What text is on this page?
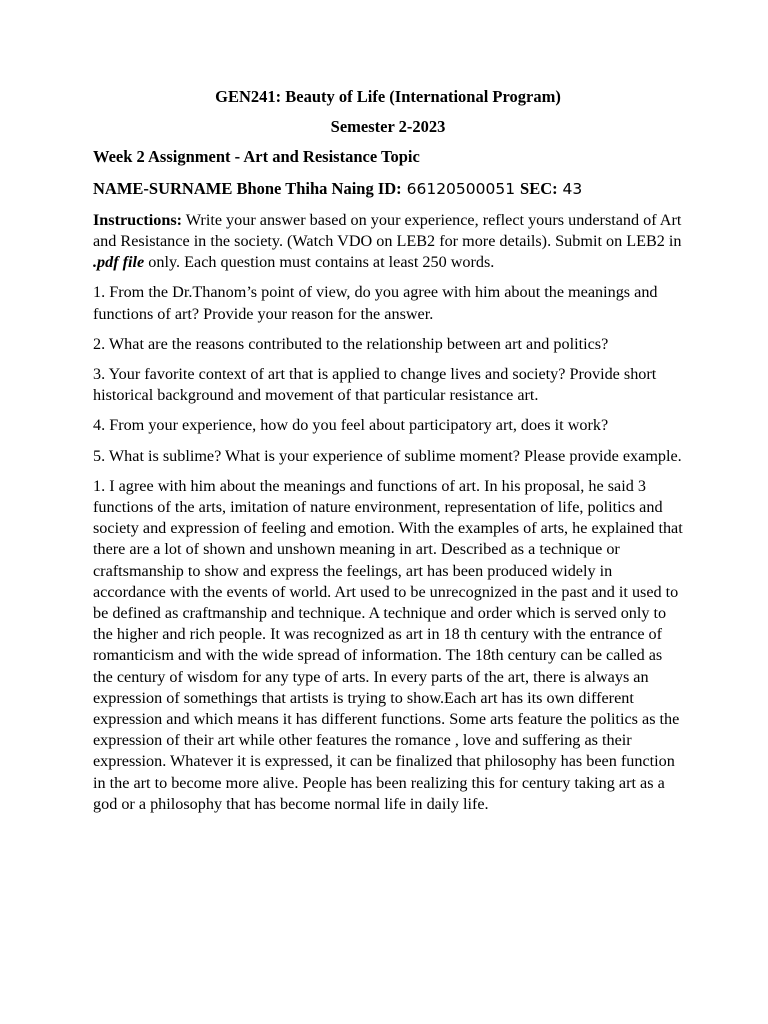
GEN241: Beauty of Life (International Program)
Semester 2-2023
Week 2 Assignment - Art and Resistance Topic
NAME-SURNAME Bhone Thiha Naing ID: 66120500051 SEC: 43

Instructions: Write your answer based on your experience, reflect yours understand of Art and Resistance in the society. (Watch VDO on LEB2 for more details). Submit on LEB2 in .pdf file only. Each question must contains at least 250 words.

1. From the Dr.Thanom’s point of view, do you agree with him about the meanings and functions of art? Provide your reason for the answer.

2. What are the reasons contributed to the relationship between art and politics?

3. Your favorite context of art that is applied to change lives and society? Provide short historical background and movement of that particular resistance art.

4. From your experience, how do you feel about participatory art, does it work?

5. What is sublime? What is your experience of sublime moment? Please provide example.

1. I agree with him about the meanings and functions of art. In his proposal, he said 3 functions of the arts, imitation of nature environment, representation of life, politics and society and expression of feeling and emotion. With the examples of arts, he explained that there are a lot of shown and unshown meaning in art. Described as a technique or craftsmanship to show and express the feelings, art has been produced widely in accordance with the events of world. Art used to be unrecognized in the past and it used to be defined as craftmanship and technique. A technique and order which is served only to the higher and rich people. It was recognized as art in 18 th century with the entrance of romanticism and with the wide spread of information. The 18th century can be called as the century of wisdom for any type of arts. In every parts of the art, there is always an expression of somethings that artists is trying to show.Each art has its own different expression and which means it has different functions. Some arts feature the politics as the expression of their art while other features the romance , love and suffering as their expression. Whatever it is expressed, it can be finalized that philosophy has been function in the art to become more alive. People has been realizing this for century taking art as a god or a philosophy that has become normal life in daily life.
